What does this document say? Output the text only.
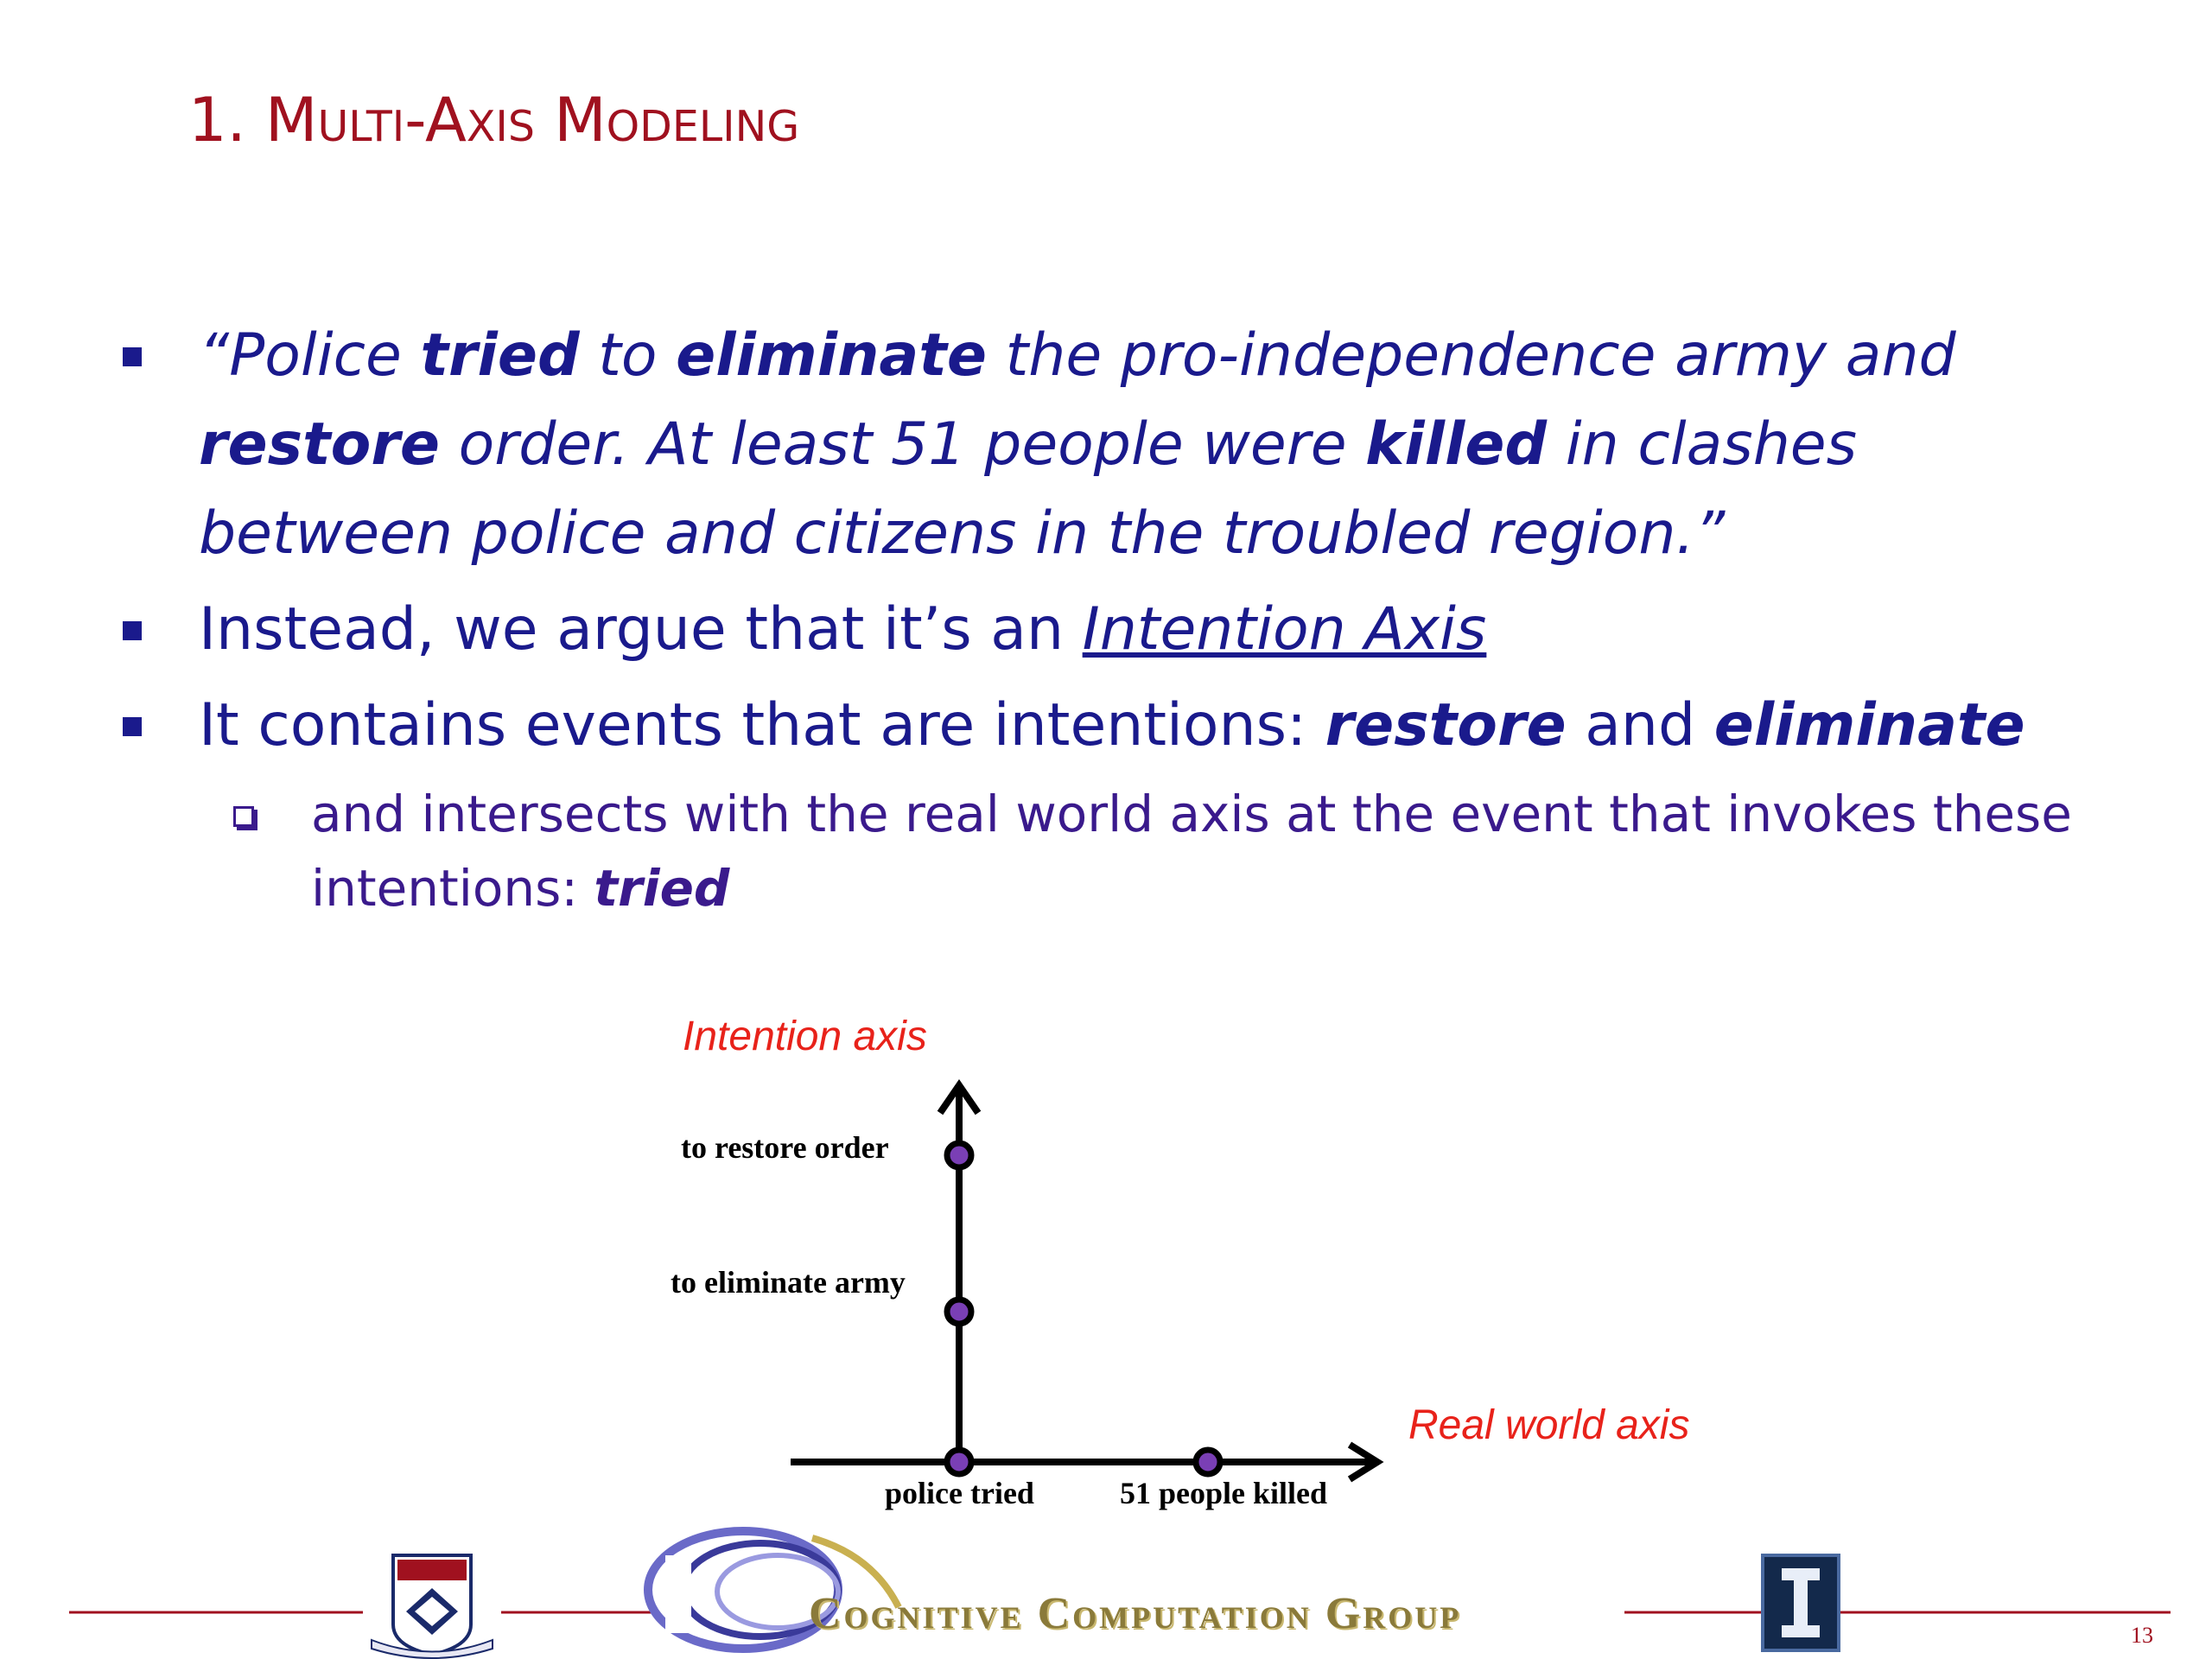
1. Multi-Axis Modeling
“Police tried to eliminate the pro-independence army and restore order. At least 51 people were killed in clashes between police and citizens in the troubled region.”
Instead, we argue that it’s an Intention Axis
It contains events that are intentions: restore and eliminate
and intersects with the real world axis at the event that invokes these intentions: tried
Intention axis
Real world axis
to restore order
to eliminate army
police tried	51 people killed
Cognitive Computation Group	13
